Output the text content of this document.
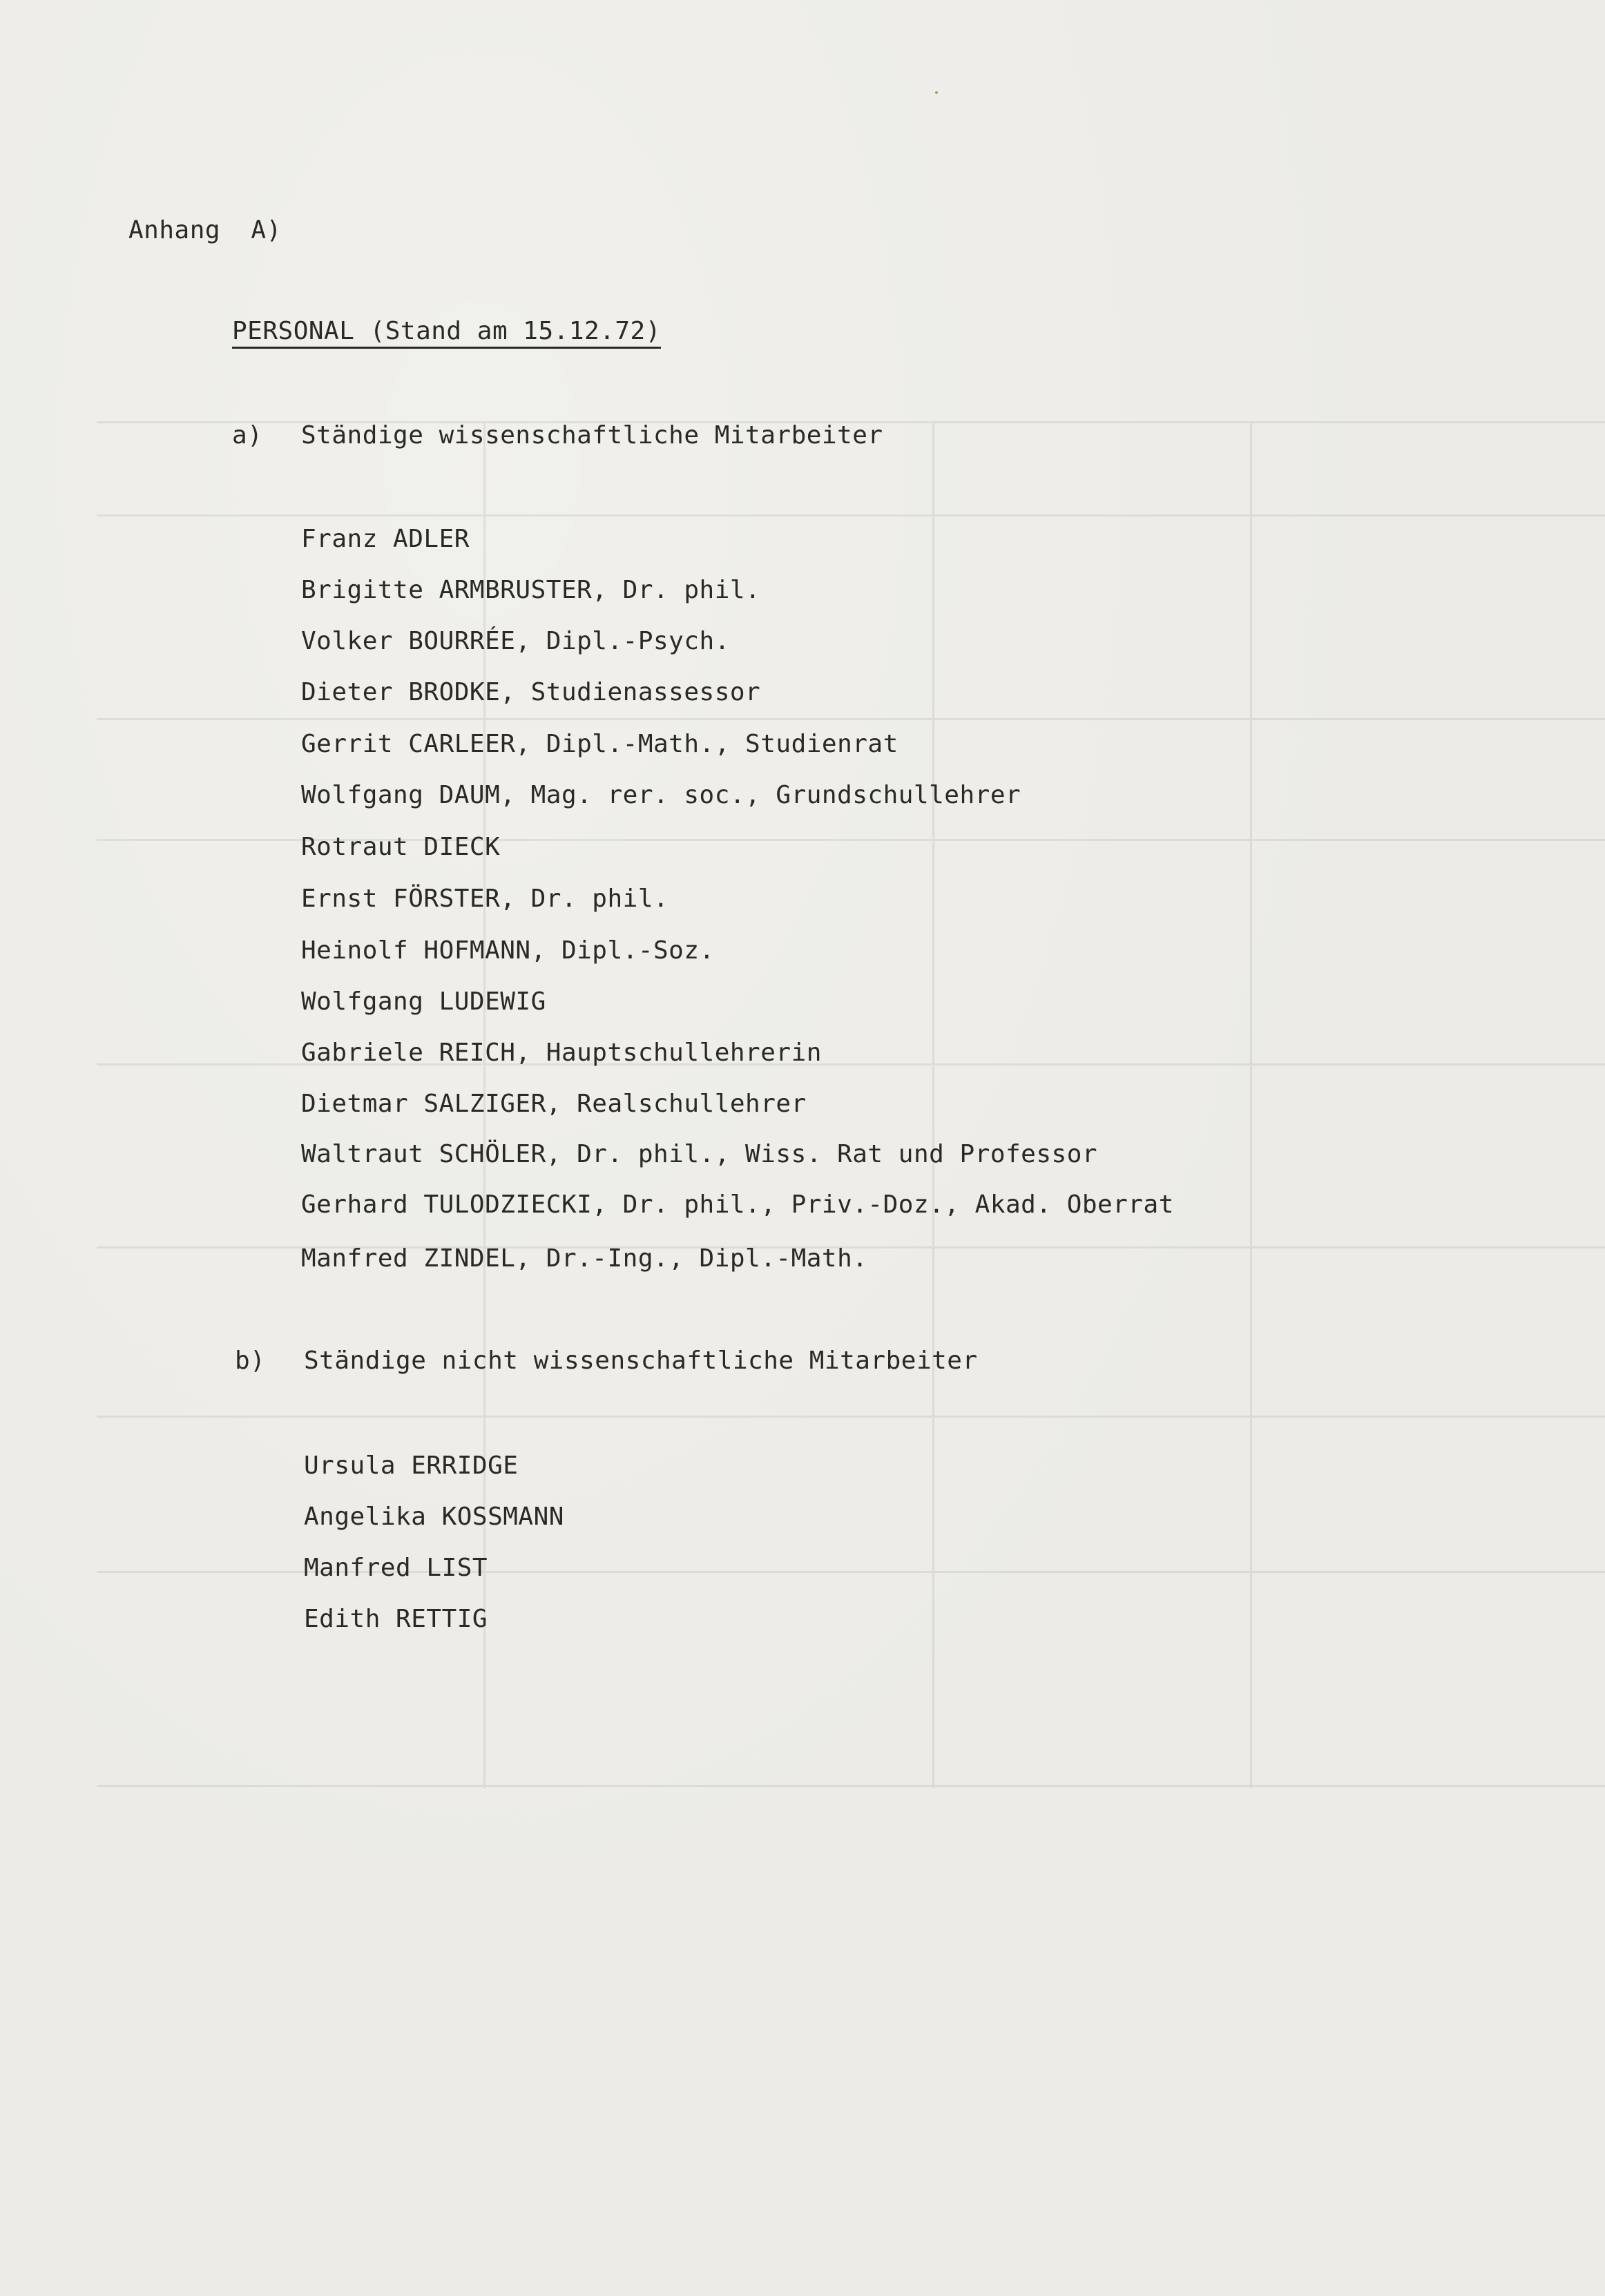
Anhang  A)
PERSONAL (Stand am 15.12.72)
a) Ständige wissenschaftliche Mitarbeiter
Franz ADLER
Brigitte ARMBRUSTER, Dr. phil.
Volker BOURRÉE, Dipl.-Psych.
Dieter BRODKE, Studienassessor
Gerrit CARLEER, Dipl.-Math., Studienrat
Wolfgang DAUM, Mag. rer. soc., Grundschullehrer
Rotraut DIECK
Ernst FÖRSTER, Dr. phil.
Heinolf HOFMANN, Dipl.-Soz.
Wolfgang LUDEWIG
Gabriele REICH, Hauptschullehrerin
Dietmar SALZIGER, Realschullehrer
Waltraut SCHÖLER, Dr. phil., Wiss. Rat und Professor
Gerhard TULODZIECKI, Dr. phil., Priv.-Doz., Akad. Oberrat
Manfred ZINDEL, Dr.-Ing., Dipl.-Math.
b) Ständige nicht wissenschaftliche Mitarbeiter
Ursula ERRIDGE
Angelika KOSSMANN
Manfred LIST
Edith RETTIG
